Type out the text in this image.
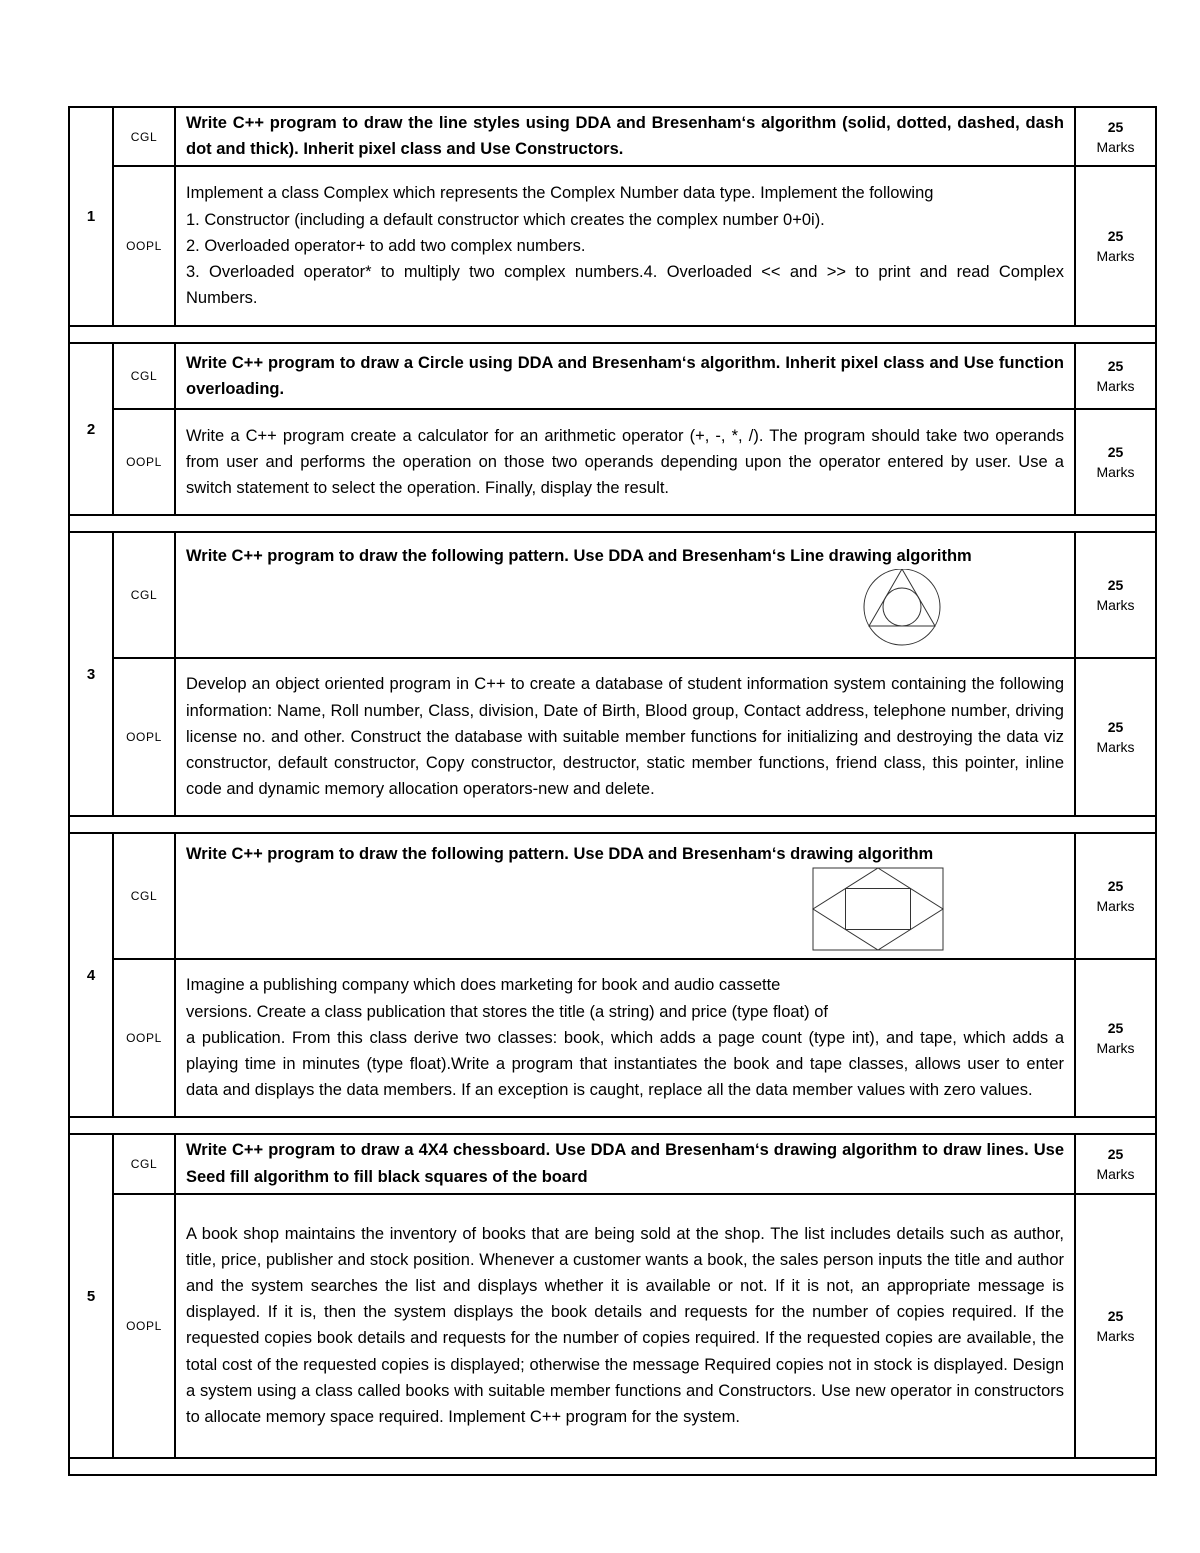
1	CGL	Write C++ program to draw the line styles using DDA and Bresenham‘s algorithm (solid, dotted, dashed, dash dot and thick). Inherit pixel class and Use Constructors.	25
Marks

	OOPL	Implement a class Complex which represents the Complex Number data type. Implement the following
1. Constructor (including a default constructor which creates the complex number 0+0i).
2. Overloaded operator+ to add two complex numbers.
3. Overloaded operator* to multiply two complex numbers.4. Overloaded << and >> to print and read Complex Numbers.	25
Marks

2	CGL	Write C++ program to draw a Circle using DDA and Bresenham‘s algorithm. Inherit pixel class and Use function overloading.	25
Marks

	OOPL	Write a C++ program create a calculator for an arithmetic operator (+, -, *, /). The program should take two operands from user and performs the operation on those two operands depending upon the operator entered by user. Use a switch statement to select the operation. Finally, display the result.	25
Marks

3	CGL	Write C++ program to draw the following pattern. Use DDA and Bresenham‘s Line drawing algorithm	25
Marks

	OOPL	Develop an object oriented program in C++ to create a database of student information system containing the following information: Name, Roll number, Class, division, Date of Birth, Blood group, Contact address, telephone number, driving license no. and other. Construct the database with suitable member functions for initializing and destroying the data viz constructor, default constructor, Copy constructor, destructor, static member functions, friend class, this pointer, inline code and dynamic memory allocation operators-new and delete.	25
Marks

4	CGL	Write C++ program to draw the following pattern. Use DDA and Bresenham‘s drawing algorithm	25
Marks

	OOPL	Imagine a publishing company which does marketing for book and audio cassette
versions. Create a class publication that stores the title (a string) and price (type float) of
a publication. From this class derive two classes: book, which adds a page count (type int), and tape, which adds a playing time in minutes (type float).Write a program that instantiates the book and tape classes, allows user to enter data and displays the data members. If an exception is caught, replace all the data member values with zero values.	25
Marks

5	CGL	Write C++ program to draw a 4X4 chessboard. Use DDA and Bresenham‘s drawing algorithm to draw lines. Use Seed fill algorithm to fill black squares of the board	25
Marks

	OOPL	A book shop maintains the inventory of books that are being sold at the shop. The list includes details such as author, title, price, publisher and stock position. Whenever a customer wants a book, the sales person inputs the title and author and the system searches the list and displays whether it is available or not. If it is not, an appropriate message is displayed. If it is, then the system displays the book details and requests for the number of copies required. If the requested copies book details and requests for the number of copies required. If the requested copies are available, the total cost of the requested copies is displayed; otherwise the message Required copies not in stock is displayed. Design a system using a class called books with suitable member functions and Constructors. Use new operator in constructors to allocate memory space required. Implement C++ program for the system.	25
Marks
